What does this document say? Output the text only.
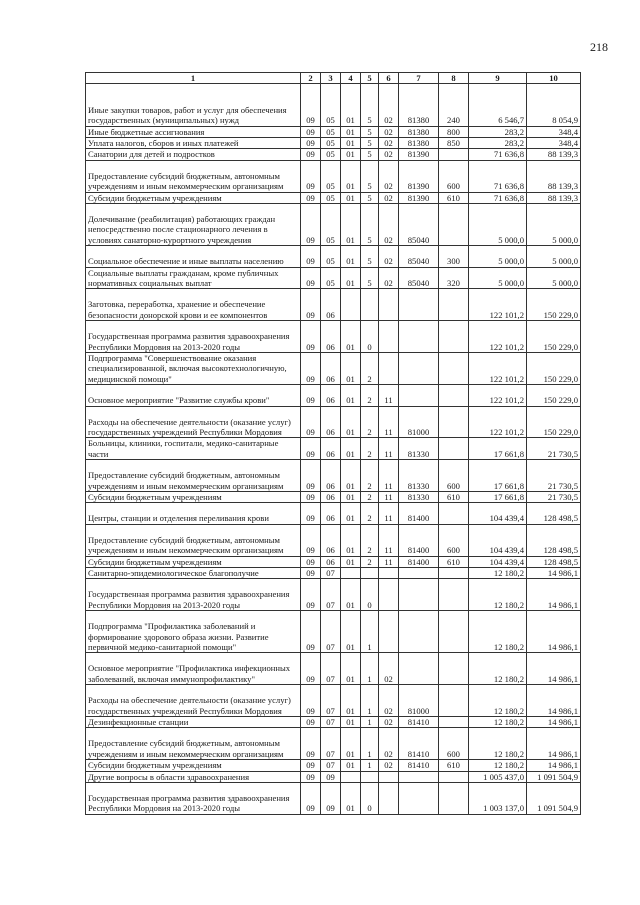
218
1	2	3	4	5	6	7	8	9	10
Иные закупки товаров, работ и услуг для обеспечения государственных (муниципальных) нужд	09	05	01	5	02	81380	240	6 546,7	8 054,9
Иные бюджетные ассигнования	09	05	01	5	02	81380	800	283,2	348,4
Уплата налогов, сборов и иных платежей	09	05	01	5	02	81380	850	283,2	348,4
Санатории для детей и подростков	09	05	01	5	02	81390		71 636,8	88 139,3
Предоставление субсидий бюджетным, автономным учреждениям и иным некоммерческим организациям	09	05	01	5	02	81390	600	71 636,8	88 139,3
Субсидии бюджетным учреждениям	09	05	01	5	02	81390	610	71 636,8	88 139,3
Долечивание (реабилитация) работающих граждан непосредственно после стационарного лечения в условиях санаторно-курортного учреждения	09	05	01	5	02	85040		5 000,0	5 000,0
Социальное обеспечение и иные выплаты населению	09	05	01	5	02	85040	300	5 000,0	5 000,0
Социальные выплаты гражданам, кроме публичных нормативных социальных выплат	09	05	01	5	02	85040	320	5 000,0	5 000,0
Заготовка, переработка, хранение и обеспечение безопасности донорской крови и ее компонентов	09	06						122 101,2	150 229,0
Государственная программа развития здравоохранения Республики Мордовия на 2013-2020 годы	09	06	01	0				122 101,2	150 229,0
Подпрограмма "Совершенствование оказания специализированной, включая высокотехнологичную, медицинской помощи"	09	06	01	2				122 101,2	150 229,0
Основное мероприятие "Развитие службы крови"	09	06	01	2	11			122 101,2	150 229,0
Расходы на обеспечение деятельности (оказание услуг) государственных учреждений Республики Мордовия	09	06	01	2	11	81000		122 101,2	150 229,0
Больницы, клиники, госпитали, медико-санитарные части	09	06	01	2	11	81330		17 661,8	21 730,5
Предоставление субсидий бюджетным, автономным учреждениям и иным некоммерческим организациям	09	06	01	2	11	81330	600	17 661,8	21 730,5
Субсидии бюджетным учреждениям	09	06	01	2	11	81330	610	17 661,8	21 730,5
Центры, станции и отделения переливания крови	09	06	01	2	11	81400		104 439,4	128 498,5
Предоставление субсидий бюджетным, автономным учреждениям и иным некоммерческим организациям	09	06	01	2	11	81400	600	104 439,4	128 498,5
Субсидии бюджетным учреждениям	09	06	01	2	11	81400	610	104 439,4	128 498,5
Санитарно-эпидемиологическое благополучие	09	07						12 180,2	14 986,1
Государственная программа развития здравоохранения Республики Мордовия на 2013-2020 годы	09	07	01	0				12 180,2	14 986,1
Подпрограмма "Профилактика заболеваний и формирование здорового образа жизни. Развитие первичной медико-санитарной помощи"	09	07	01	1				12 180,2	14 986,1
Основное мероприятие "Профилактика инфекционных заболеваний, включая иммунопрофилактику"	09	07	01	1	02			12 180,2	14 986,1
Расходы на обеспечение деятельности (оказание услуг) государственных учреждений Республики Мордовия	09	07	01	1	02	81000		12 180,2	14 986,1
Дезинфекционные станции	09	07	01	1	02	81410		12 180,2	14 986,1
Предоставление субсидий бюджетным, автономным учреждениям и иным некоммерческим организациям	09	07	01	1	02	81410	600	12 180,2	14 986,1
Субсидии бюджетным учреждениям	09	07	01	1	02	81410	610	12 180,2	14 986,1
Другие вопросы в области здравоохранения	09	09						1 005 437,0	1 091 504,9
Государственная программа развития здравоохранения Республики Мордовия на 2013-2020 годы	09	09	01	0				1 003 137,0	1 091 504,9
